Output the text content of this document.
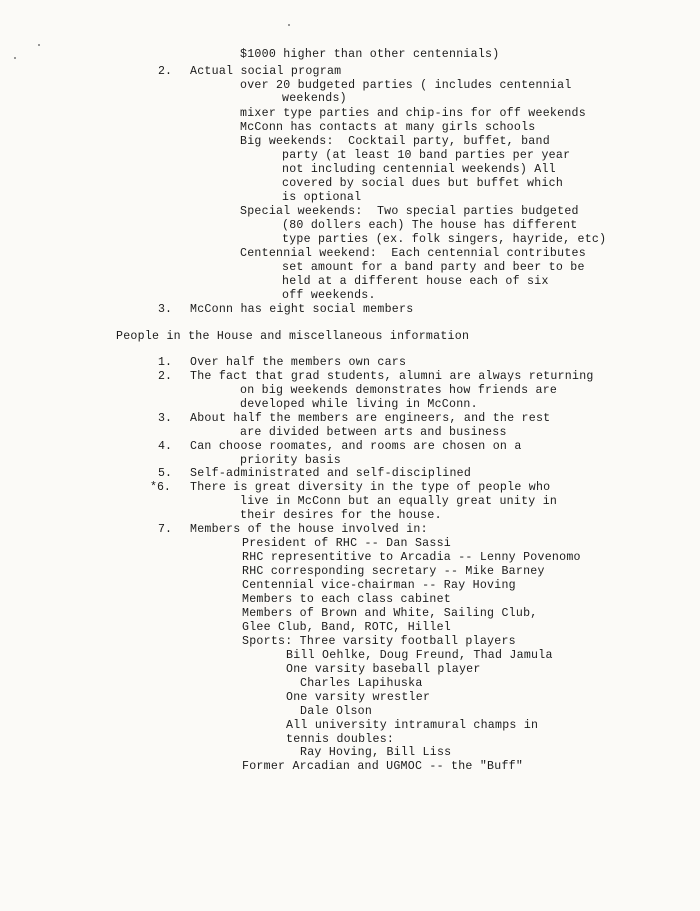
$1000 higher than other centennials)
2. Actual social program
over 20 budgeted parties ( includes centennial
weekends)
mixer type parties and chip-ins for off weekends
McConn has contacts at many girls schools
Big weekends:  Cocktail party, buffet, band
party (at least 10 band parties per year
not including centennial weekends) All
covered by social dues but buffet which
is optional
Special weekends:  Two special parties budgeted
(80 dollers each) The house has different
type parties (ex. folk singers, hayride, etc)
Centennial weekend:  Each centennial contributes
set amount for a band party and beer to be
held at a different house each of six
off weekends.
3. McConn has eight social members
People in the House and miscellaneous information
1. Over half the members own cars
2. The fact that grad students, alumni are always returning
on big weekends demonstrates how friends are
developed while living in McConn.
3. About half the members are engineers, and the rest
are divided between arts and business
4. Can choose roomates, and rooms are chosen on a
priority basis
5. Self-administrated and self-disciplined
*6. There is great diversity in the type of people who
live in McConn but an equally great unity in
their desires for the house.
7. Members of the house involved in:
President of RHC -- Dan Sassi
RHC representitive to Arcadia -- Lenny Povenomo
RHC corresponding secretary -- Mike Barney
Centennial vice-chairman -- Ray Hoving
Members to each class cabinet
Members of Brown and White, Sailing Club,
Glee Club, Band, ROTC, Hillel
Sports: Three varsity football players
Bill Oehlke, Doug Freund, Thad Jamula
One varsity baseball player
Charles Lapihuska
One varsity wrestler
Dale Olson
All university intramural champs in
tennis doubles:
Ray Hoving, Bill Liss
Former Arcadian and UGMOC -- the "Buff"
